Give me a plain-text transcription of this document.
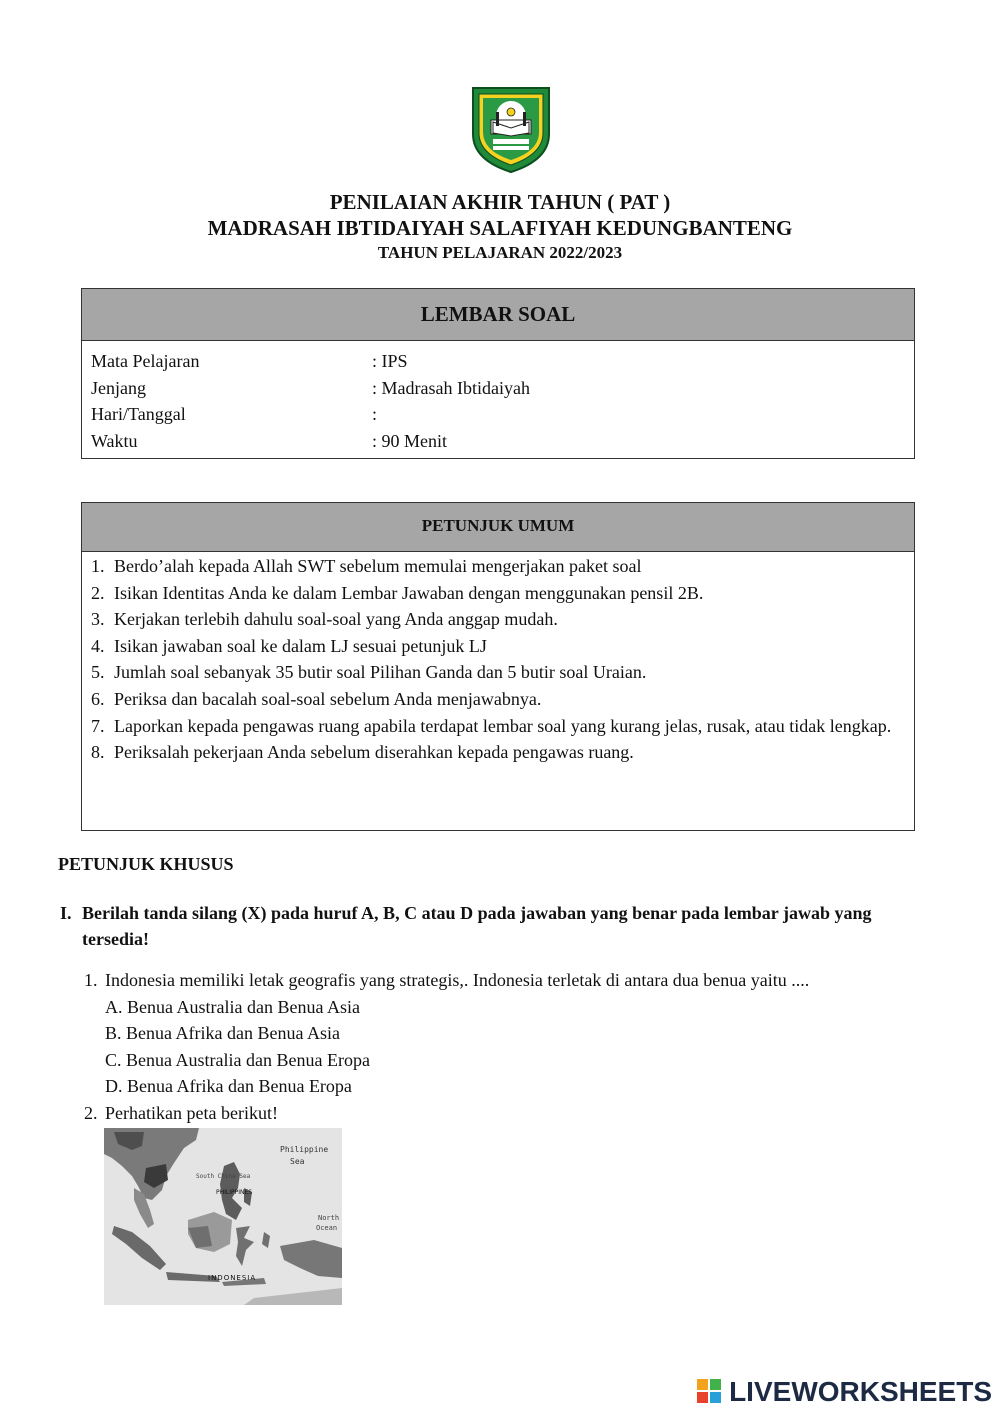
PENILAIAN AKHIR TAHUN ( PAT )
MADRASAH IBTIDAIYAH SALAFIYAH KEDUNGBANTENG
TAHUN PELAJARAN 2022/2023
LEMBAR SOAL
Mata Pelajaran	: IPS
Jenjang	: Madrasah Ibtidaiyah
Hari/Tanggal	:
Waktu	: 90 Menit
PETUNJUK UMUM
1. Berdo’alah kepada Allah SWT sebelum memulai mengerjakan paket soal
2. Isikan Identitas Anda ke dalam Lembar Jawaban dengan menggunakan pensil 2B.
3. Kerjakan terlebih dahulu soal-soal yang Anda anggap mudah.
4. Isikan jawaban soal ke dalam LJ sesuai petunjuk LJ
5. Jumlah soal sebanyak 35 butir soal Pilihan Ganda dan 5 butir soal Uraian.
6. Periksa dan bacalah soal-soal sebelum Anda menjawabnya.
7. Laporkan kepada pengawas ruang apabila terdapat lembar soal yang kurang jelas, rusak, atau tidak lengkap.
8. Periksalah pekerjaan Anda sebelum diserahkan kepada pengawas ruang.
PETUNJUK KHUSUS
I. Berilah tanda silang (X) pada huruf A, B, C atau D pada jawaban yang benar pada lembar jawab yang tersedia!
1. Indonesia memiliki letak geografis yang strategis,. Indonesia terletak di antara dua benua yaitu ....
A. Benua Australia dan Benua Asia
B. Benua Afrika dan Benua Asia
C. Benua Australia dan Benua Eropa
D. Benua Afrika dan Benua Eropa
2. Perhatikan peta berikut!
Philippine
Sea
PHILIPPINES
South China Sea
North
Ocean
INDONESIA
LIVEWORKSHEETS
